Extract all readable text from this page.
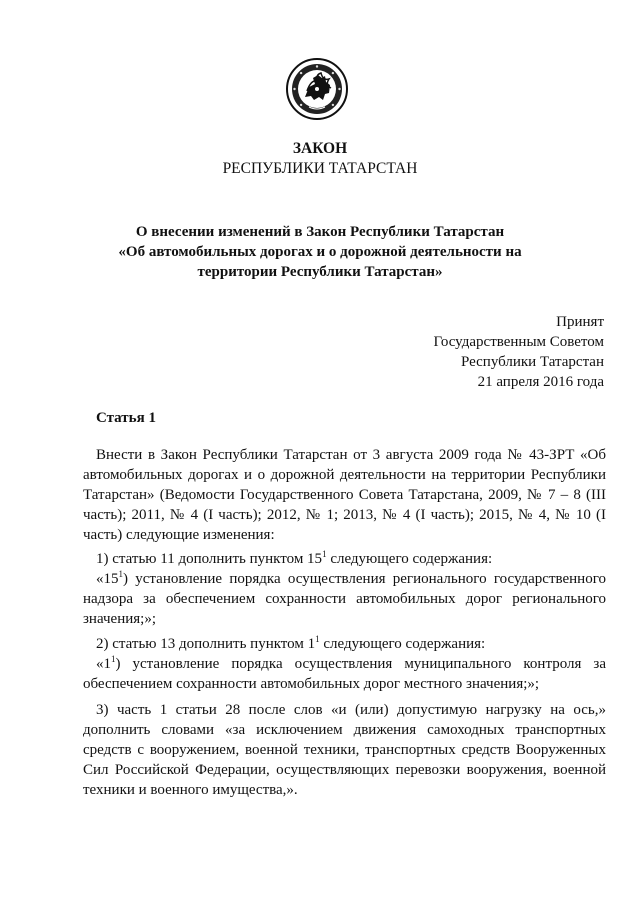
ЗАКОН
РЕСПУБЛИКИ ТАТАРСТАН
О внесении изменений в Закон Республики Татарстан
«Об автомобильных дорогах и о дорожной деятельности на
территории Республики Татарстан»
Принят
Государственным Советом
Республики Татарстан
21 апреля 2016 года
Статья 1
Внести в Закон Республики Татарстан от 3 августа 2009 года № 43-ЗРТ «Об автомобильных дорогах и о дорожной деятельности на территории Республики Татарстан» (Ведомости Государственного Совета Татарстана, 2009, № 7 – 8 (III часть); 2011, № 4 (I часть); 2012, № 1; 2013, № 4 (I часть); 2015, № 4, № 10 (I часть) следующие изменения:
1) статью 11 дополнить пунктом $15^1$ следующего содержания:
«$15^1$) установление порядка осуществления регионального государственного надзора за обеспечением сохранности автомобильных дорог регионального значения;»;
2) статью 13 дополнить пунктом $1^1$ следующего содержания:
«$1^1$) установление порядка осуществления муниципального контроля за обеспечением сохранности автомобильных дорог местного значения;»;
3) часть 1 статьи 28 после слов «и (или) допустимую нагрузку на ось,» дополнить словами «за исключением движения самоходных транспортных средств с вооружением, военной техники, транспортных средств Вооруженных Сил Российской Федерации, осуществляющих перевозки вооружения, военной техники и военного имущества,».
